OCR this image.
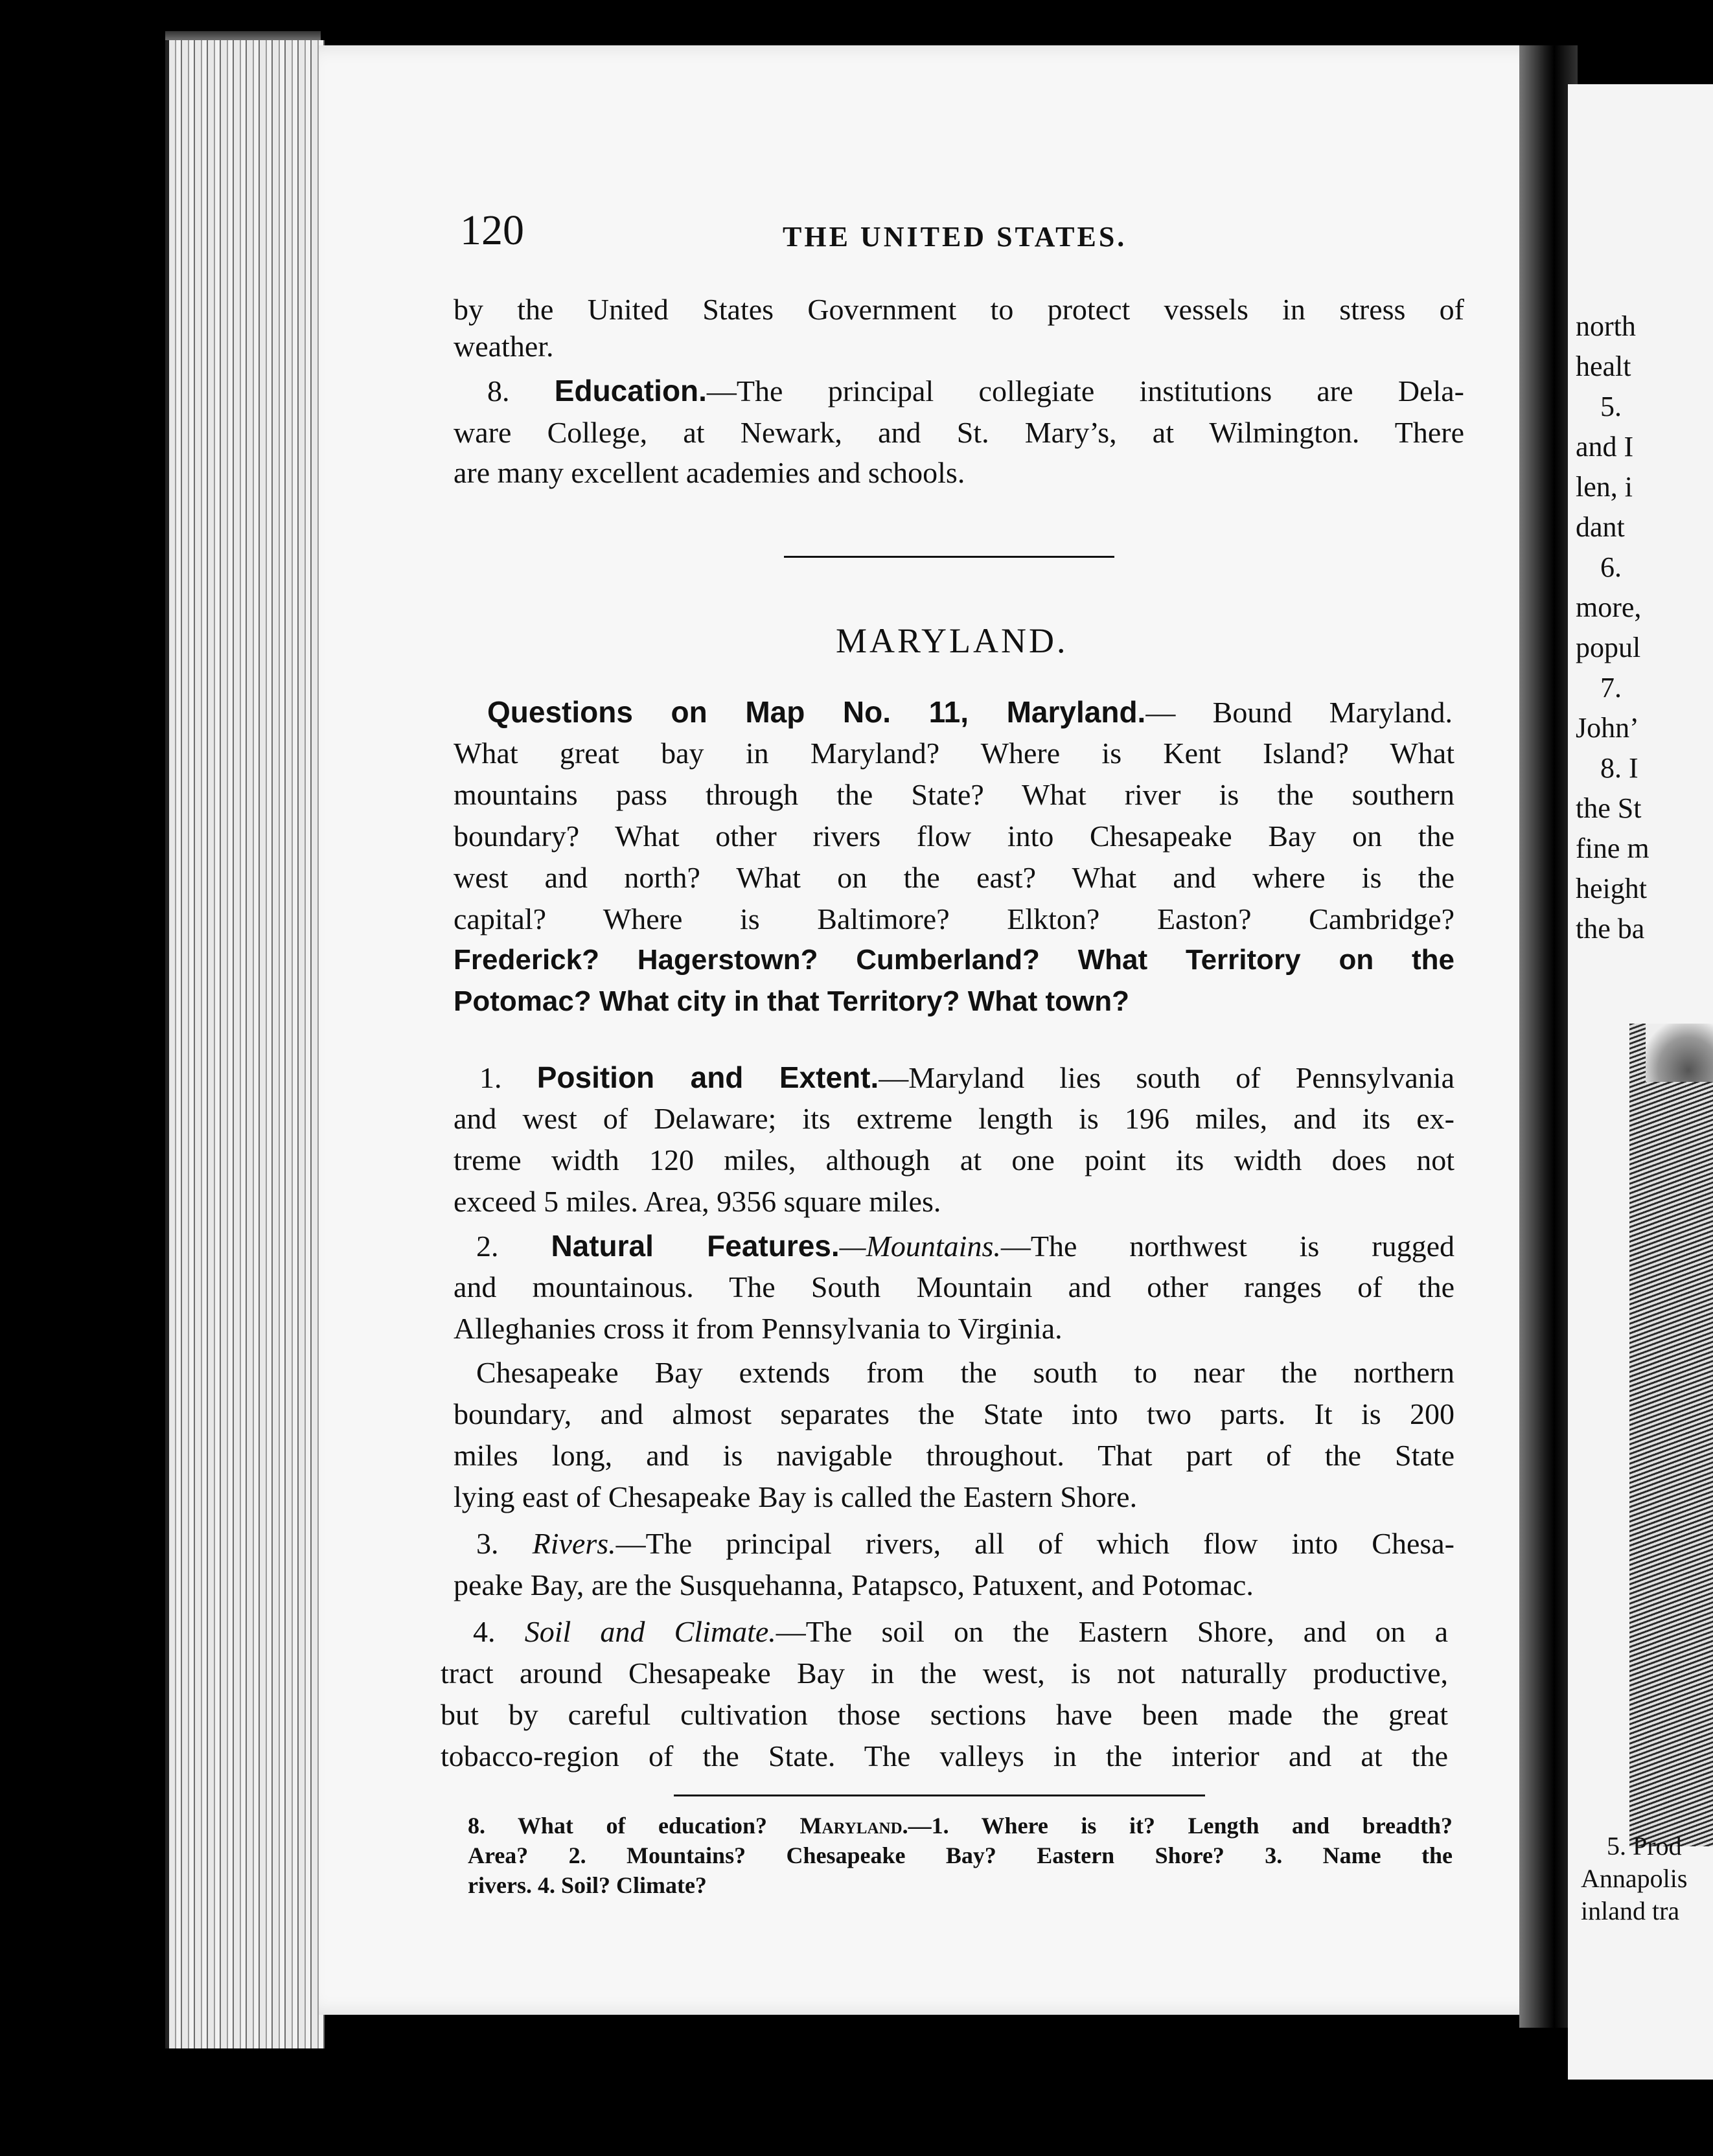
north
healt
5.
and I
len, i
dant
6.
more,
popul
7.
John’
8. I
the St
fine m
height
the ba
5. Prod
Annapolis
inland tra
120	THE UNITED STATES.
by the United States Government to protect vessels in stress of
weather.
8. Education.—The principal collegiate institutions are Dela-
ware College, at Newark, and St. Mary’s, at Wilmington. There
are many excellent academies and schools.
MARYLAND.
Questions on Map No. 11, Maryland.— Bound Maryland.
What great bay in Maryland? Where is Kent Island? What
mountains pass through the State? What river is the southern
boundary? What other rivers flow into Chesapeake Bay on the
west and north? What on the east? What and where is the
capital? Where is Baltimore? Elkton? Easton? Cambridge?
Frederick? Hagerstown? Cumberland? What Territory on the
Potomac? What city in that Territory? What town?
1. Position and Extent.—Maryland lies south of Pennsylvania
and west of Delaware; its extreme length is 196 miles, and its ex-
treme width 120 miles, although at one point its width does not
exceed 5 miles. Area, 9356 square miles.
2. Natural Features.—Mountains.—The northwest is rugged
and mountainous. The South Mountain and other ranges of the
Alleghanies cross it from Pennsylvania to Virginia.
Chesapeake Bay extends from the south to near the northern
boundary, and almost separates the State into two parts. It is 200
miles long, and is navigable throughout. That part of the State
lying east of Chesapeake Bay is called the Eastern Shore.
3. Rivers.—The principal rivers, all of which flow into Chesa-
peake Bay, are the Susquehanna, Patapsco, Patuxent, and Potomac.
4. Soil and Climate.—The soil on the Eastern Shore, and on a
tract around Chesapeake Bay in the west, is not naturally productive,
but by careful cultivation those sections have been made the great
tobacco-region of the State. The valleys in the interior and at the
8. What of education? Maryland.—1. Where is it? Length and breadth?
Area? 2. Mountains? Chesapeake Bay? Eastern Shore? 3. Name the
rivers. 4. Soil? Climate?
